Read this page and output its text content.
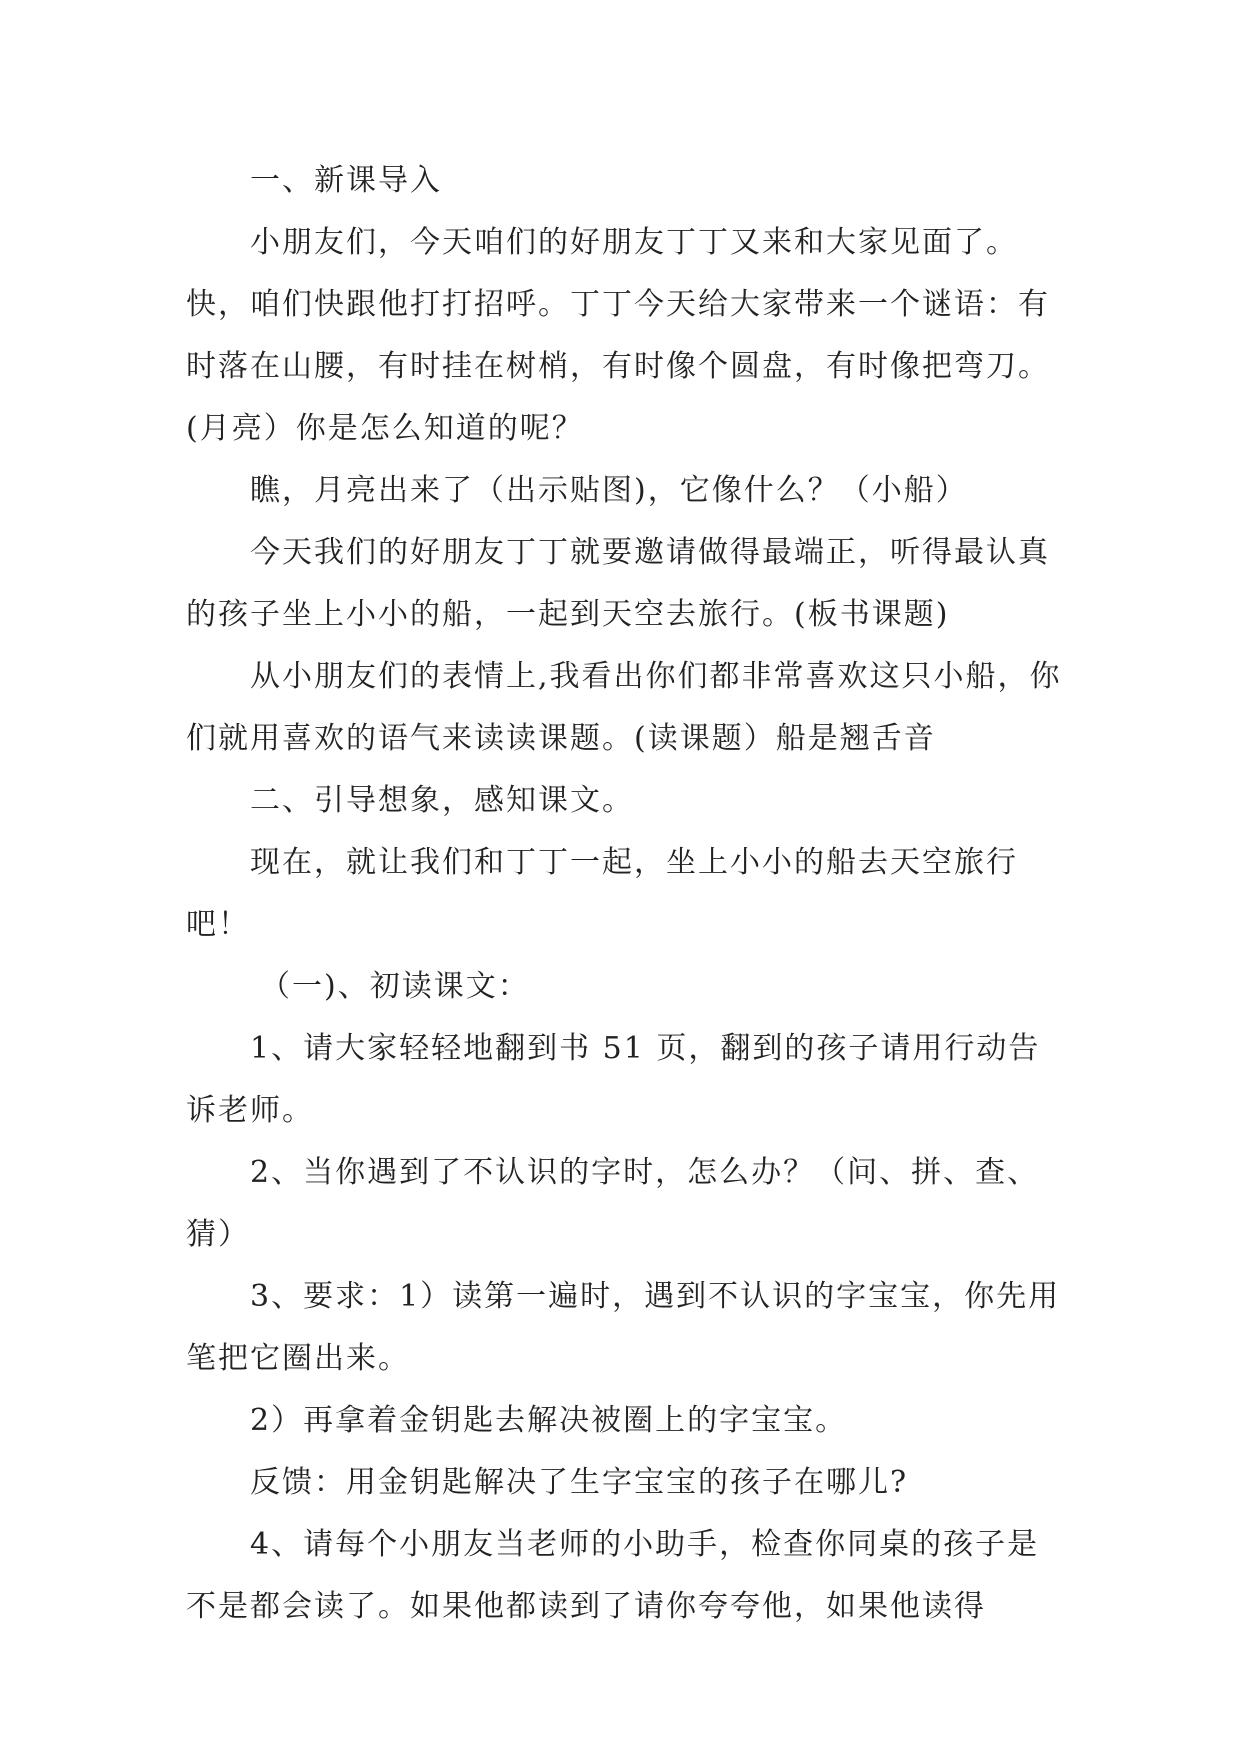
一、新课导入

小朋友们，今天咱们的好朋友丁丁又来和大家见面了。快，咱们快跟他打打招呼。丁丁今天给大家带来一个谜语：有时落在山腰，有时挂在树梢，有时像个圆盘，有时像把弯刀。(月亮）你是怎么知道的呢？

瞧，月亮出来了（出示贴图)，它像什么？（小船）

今天我们的好朋友丁丁就要邀请做得最端正，听得最认真的孩子坐上小小的船，一起到天空去旅行。(板书课题)

从小朋友们的表情上,我看出你们都非常喜欢这只小船，你们就用喜欢的语气来读读课题。(读课题）船是翘舌音

二、引导想象，感知课文。

现在，就让我们和丁丁一起，坐上小小的船去天空旅行吧！

（一)、初读课文：

1、请大家轻轻地翻到书 51 页，翻到的孩子请用行动告诉老师。

2、当你遇到了不认识的字时，怎么办？（问、拼、查、猜）

3、要求：1）读第一遍时，遇到不认识的字宝宝，你先用笔把它圈出来。

2）再拿着金钥匙去解决被圈上的字宝宝。

反馈：用金钥匙解决了生字宝宝的孩子在哪儿?

4、请每个小朋友当老师的小助手，检查你同桌的孩子是不是都会读了。如果他都读到了请你夸夸他，如果他读得
